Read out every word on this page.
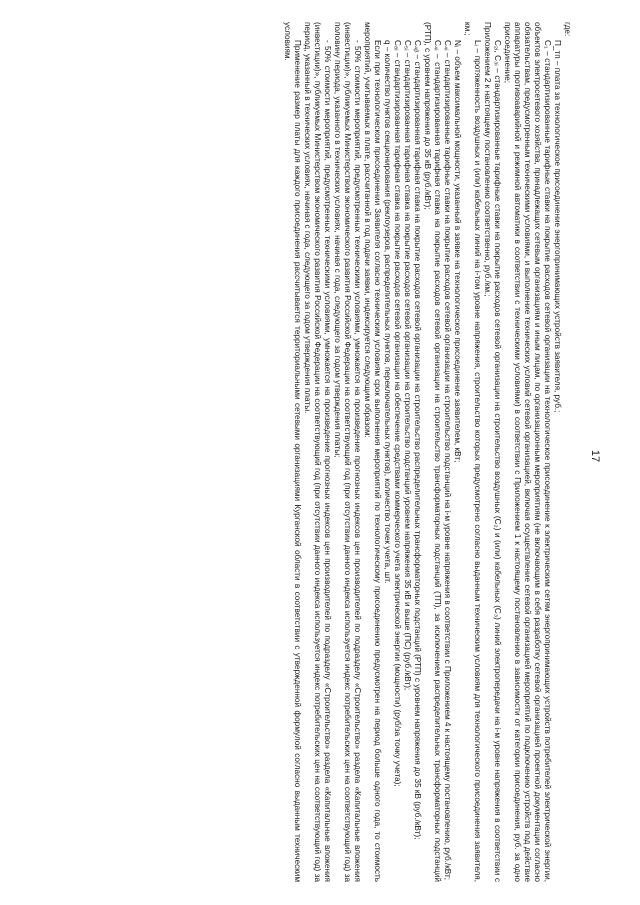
17

где:

П_тп – плата за технологическое присоединение энергопринимающих устройств заявителя, руб.;

C₁ – стандартизированные тарифные ставки на покрытие расходов сетевой организации на технологическое присоединение к электрическим сетям энергопринимающих устройств потребителей электрической энергии, объектов электросетевого хозяйства, принадлежащих сетевым организациям и иным лицам, по организационным мероприятиям (не включающим в себя разработку сетевой организацией проектной документации согласно обязательствам, предусмотренным техническими условиями, и выполнение технических условий сетевой организацией, включая осуществление сетевой организацией мероприятий по подключению устройств под действие аппаратуры противоаварийной и режимной автоматики в соответствии с техническими условиями) в соответствии с Приложением 1 к настоящему постановлению в зависимости от категории присоединения, руб. за одно присоединение;

C₂ᵢ, C₃ᵢ – стандартизированные тарифные ставки на покрытие расходов сетевой организации на строительство воздушных (C₂) и (или) кабельных (C₃) линий электропередачи на i-м уровне напряжения в соответствии с Приложением 2 к настоящему постановлению соответственно, руб./км.;

Lᵢ – протяженность воздушных и (или) кабельных линий на i-том уровне напряжения, строительство которых предусмотрено согласно выданным техническим условиям для технологического присоединения заявителя, км.;

Nᵢ – объем максимальной мощности, указанный в заявке на технологическое присоединение заявителем, кВт;

C₄ᵢ – стандартизированные тарифные ставки на покрытие расходов сетевой организации на строительство подстанций на i-м уровне напряжения в соответствии с Приложением 4 к настоящему постановлению, руб./кВт;

C₄ᵢ – стандартизированная тарифная ставка на покрытие расходов сетевой организации на строительство трансформаторных подстанций (ТП), за исключением распределительных трансформаторных подстанций (РТП), с уровнем напряжения до 35 кВ (руб./кВт);

C₄ᵦ – стандартизированная тарифная ставка на покрытие расходов сетевой организации на строительство распределительных трансформаторных подстанций (РТП) с уровнем напряжения до 35 кВ (руб./кВт);

C₅ᵢ – стандартизированная тарифная ставка на покрытие расходов сетевой организации на строительство подстанций уровнем напряжения 35 кВ и выше (ПС) (руб./кВт);

C₈ᵢ – стандартизированная тарифная ставка на покрытие расходов сетевой организации на обеспечение средствами коммерческого учета электрической энергии (мощности) (руб/за точку учета);

q – количество пунктов секционирования (реклоузеров, распределительных пунктов, переключательных пунктов), количество точек учета, шт.

Если при технологическом присоединении Заявителя согласно техническим условиям срок выполнения мероприятий по технологическому присоединению предусмотрен на период больше одного года, то стоимость мероприятий, учитываемых в плате, рассчитанной в год подачи заявки, индексируется следующим образом:

- 50% стоимости мероприятий, предусмотренных техническими условиями, умножается на произведение прогнозных индексов цен производителей по подразделу «Строительство» раздела «Капитальные вложения (инвестиции)», публикуемых Министерством экономического развития Российской Федерации на соответствующий год (при отсутствии данного индекса используется индекс потребительских цен на соответствующий год) за половину периода, указанного в технических условиях, начиная с года, следующего за годом утверждения платы;

- 50% стоимости мероприятий, предусмотренных техническими условиями, умножается на произведение прогнозных индексов цен производителей по подразделу «Строительство» раздела «Капитальные вложения (инвестиции)», публикуемых Министерством экономического развития Российской Федерации на соответствующий год (при отсутствии данного индекса используется индекс потребительских цен на соответствующий год) за период, указанный в технических условиях, начиная с года, следующего за годом утверждения платы.

Применение размер платы для каждого присоединения рассчитывается территориальными сетевыми организациями Курганской области в соответствии с утвержденной формулой согласно выданным техническим условиям.
